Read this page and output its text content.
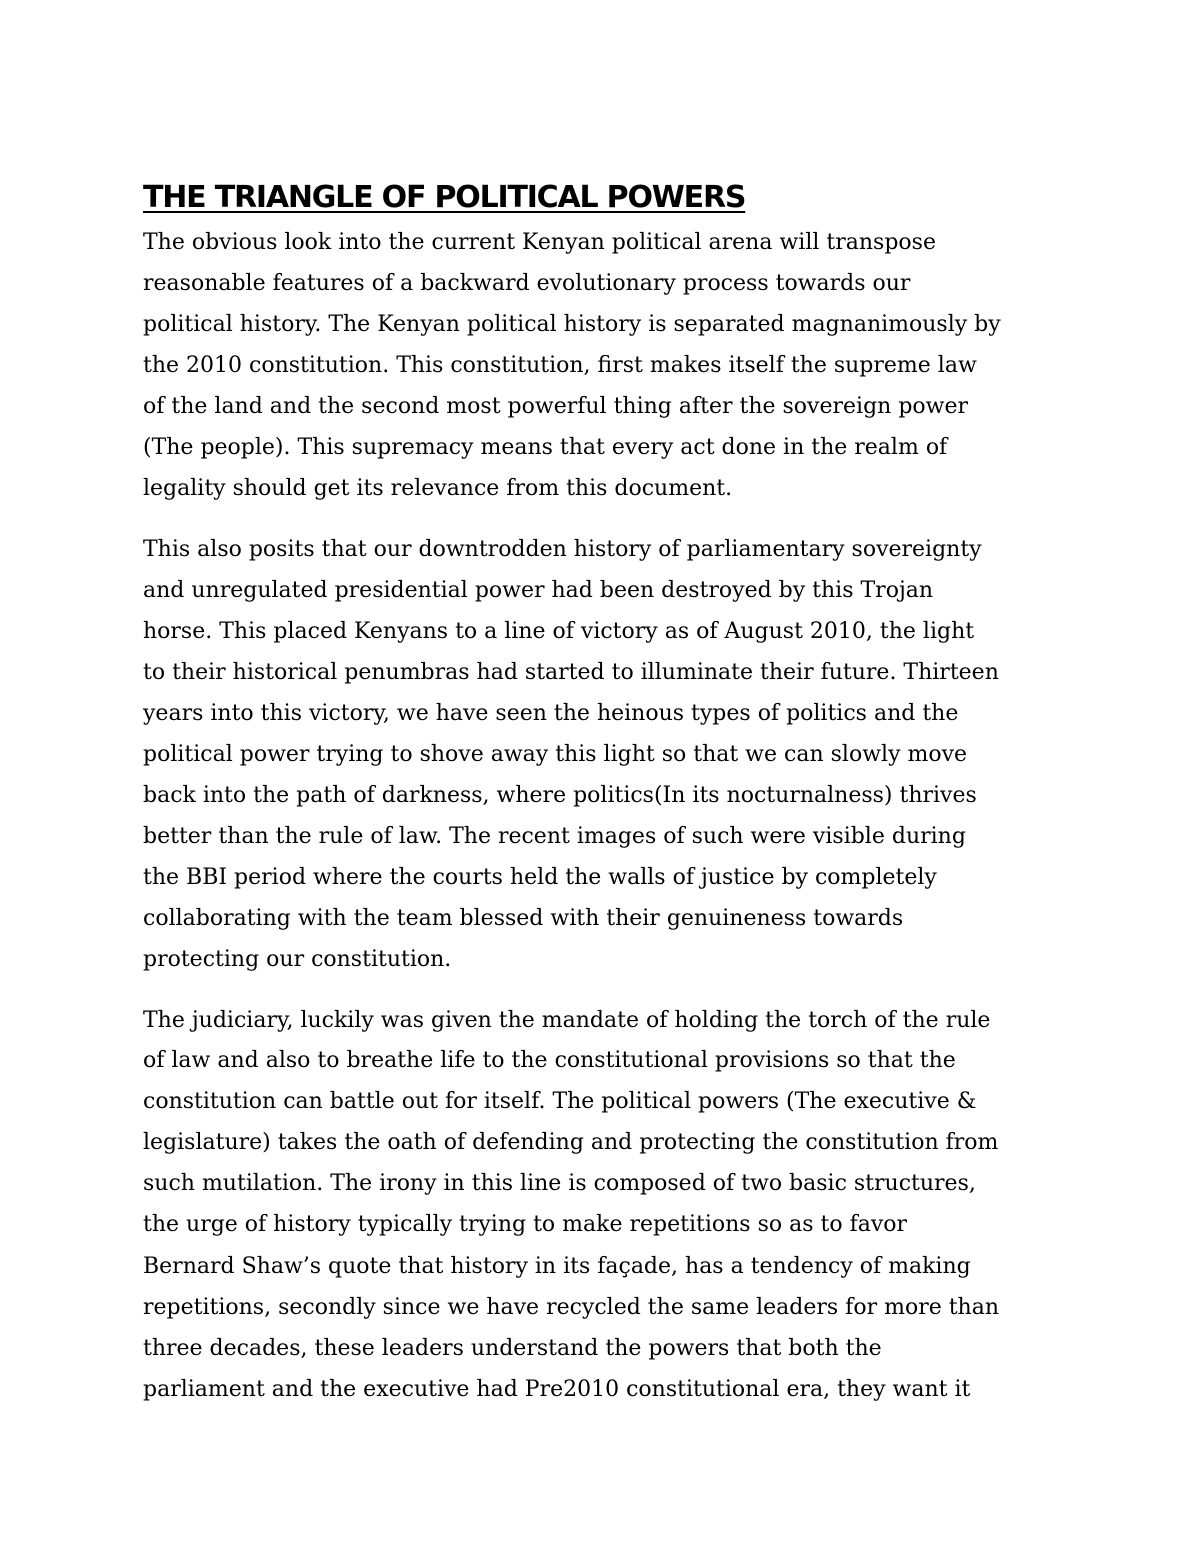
THE TRIANGLE OF POLITICAL POWERS

The obvious look into the current Kenyan political arena will transpose

reasonable features of a backward evolutionary process towards our

political history. The Kenyan political history is separated magnanimously by

the 2010 constitution. This constitution, first makes itself the supreme law

of the land and the second most powerful thing after the sovereign power

(The people). This supremacy means that every act done in the realm of

legality should get its relevance from this document.

This also posits that our downtrodden history of parliamentary sovereignty

and unregulated presidential power had been destroyed by this Trojan

horse. This placed Kenyans to a line of victory as of August 2010, the light

to their historical penumbras had started to illuminate their future. Thirteen

years into this victory, we have seen the heinous types of politics and the

political power trying to shove away this light so that we can slowly move

back into the path of darkness, where politics(In its nocturnalness) thrives

better than the rule of law. The recent images of such were visible during

the BBI period where the courts held the walls of justice by completely

collaborating with the team blessed with their genuineness towards

protecting our constitution.

The judiciary, luckily was given the mandate of holding the torch of the rule

of law and also to breathe life to the constitutional provisions so that the

constitution can battle out for itself. The political powers (The executive &

legislature) takes the oath of defending and protecting the constitution from

such mutilation. The irony in this line is composed of two basic structures,

the urge of history typically trying to make repetitions so as to favor

Bernard Shaw’s quote that history in its façade, has a tendency of making

repetitions, secondly since we have recycled the same leaders for more than

three decades, these leaders understand the powers that both the

parliament and the executive had Pre2010 constitutional era, they want it
